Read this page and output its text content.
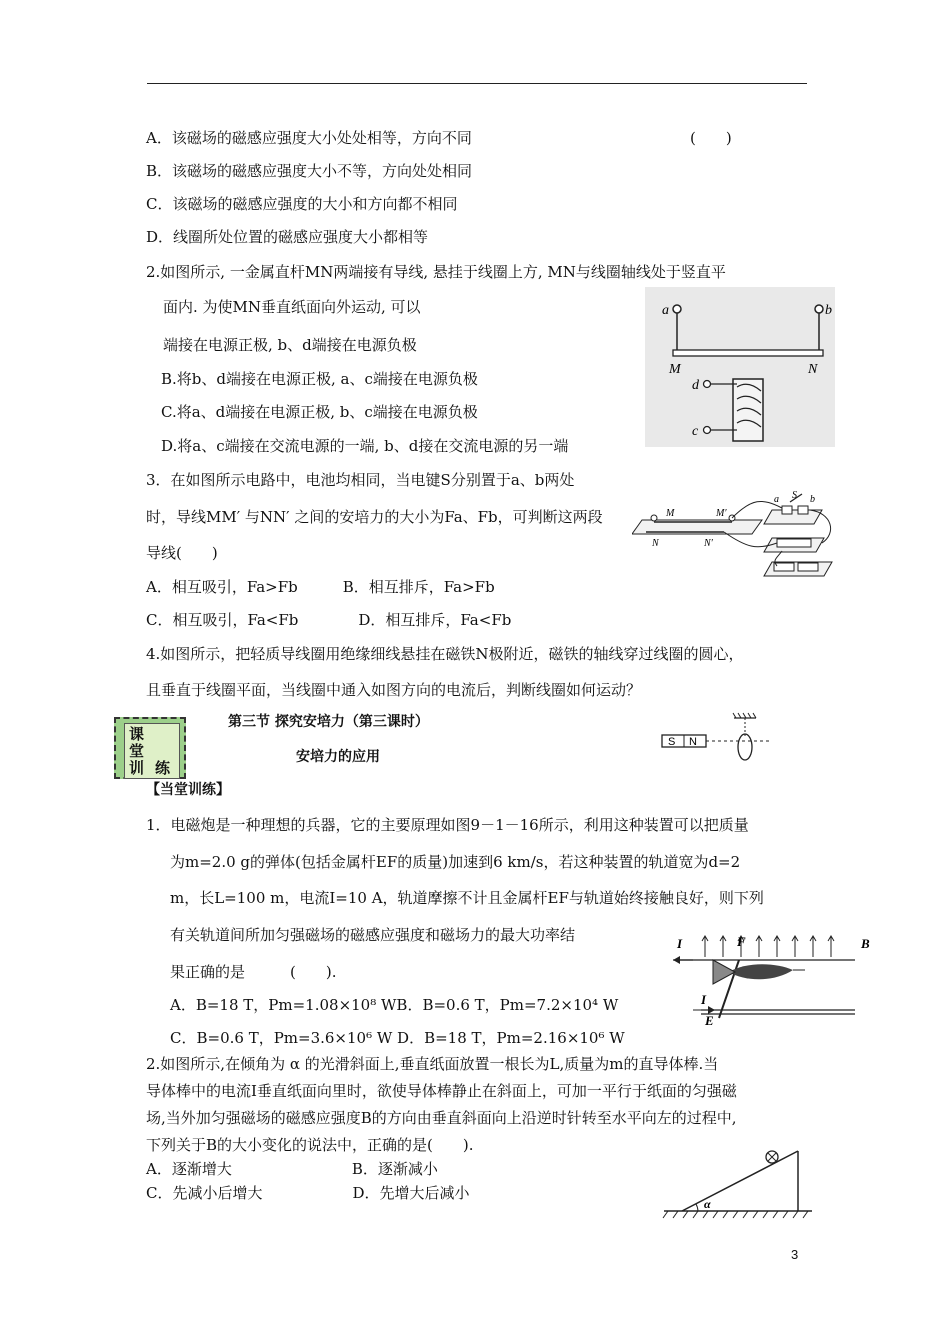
A．该磁场的磁感应强度大小处处相等，方向不同	(　　)
B．该磁场的磁感应强度大小不等，方向处处相同
C．该磁场的磁感应强度的大小和方向都不相同
D．线圈所处位置的磁感应强度大小都相等
2.如图所示, 一金属直杆MN两端接有导线, 悬挂于线圈上方, MN与线圈轴线处于竖直平
面内. 为使MN垂直纸面向外运动, 可以
端接在电源正极, b、d端接在电源负极
B.将b、d端接在电源正极, a、c端接在电源负极
C.将a、d端接在电源正极, b、c端接在电源负极
D.将a、c端接在交流电源的一端, b、d接在交流电源的另一端
a	b
M	N
d
c
3．在如图所示电路中，电池均相同，当电键S分别置于a、b两处
时，导线MM′ 与NN′ 之间的安培力的大小为Fa、Fb，可判断这两段
导线(　　)
A．相互吸引，Fa>Fb　　　B．相互排斥，Fa>Fb
C．相互吸引，Fa<Fb　　　　D．相互排斥，Fa<Fb
M	M′
N	N′
a S b
4.如图所示，把轻质导线圈用绝缘细线悬挂在磁铁N极附近，磁铁的轴线穿过线圈的圆心，
且垂直于线圈平面，当线圈中通入如图方向的电流后，判断线圈如何运动？
课
堂
训 练
第三节 探究安培力（第三课时）
安培力的应用
S N
【当堂训练】
1．电磁炮是一种理想的兵器，它的主要原理如图9－1－16所示，利用这种装置可以把质量
为m=2.0 g的弹体(包括金属杆EF的质量)加速到6 km/s，若这种装置的轨道宽为d=2
m，长L=100 m，电流I=10 A，轨道摩擦不计且金属杆EF与轨道始终接触良好，则下列
有关轨道间所加匀强磁场的磁感应强度和磁场力的最大功率结
果正确的是　　　(　　).
A．B=18 T，Pm=1.08×10⁸ WB．B=0.6 T，Pm=7.2×10⁴ W
C．B=0.6 T，Pm=3.6×10⁶ W D．B=18 T，Pm=2.16×10⁶ W
I	F	B
I
E
2.如图所示,在倾角为 α 的光滑斜面上,垂直纸面放置一根长为L,质量为m的直导体棒.当
导体棒中的电流I垂直纸面向里时，欲使导体棒静止在斜面上，可加一平行于纸面的匀强磁
场,当外加匀强磁场的磁感应强度B的方向由垂直斜面向上沿逆时针转至水平向左的过程中,
下列关于B的大小变化的说法中，正确的是(　　).
A．逐渐增大　　　　　　　　B．逐渐减小
C．先减小后增大　　　　　　D．先增大后减小
α
3
